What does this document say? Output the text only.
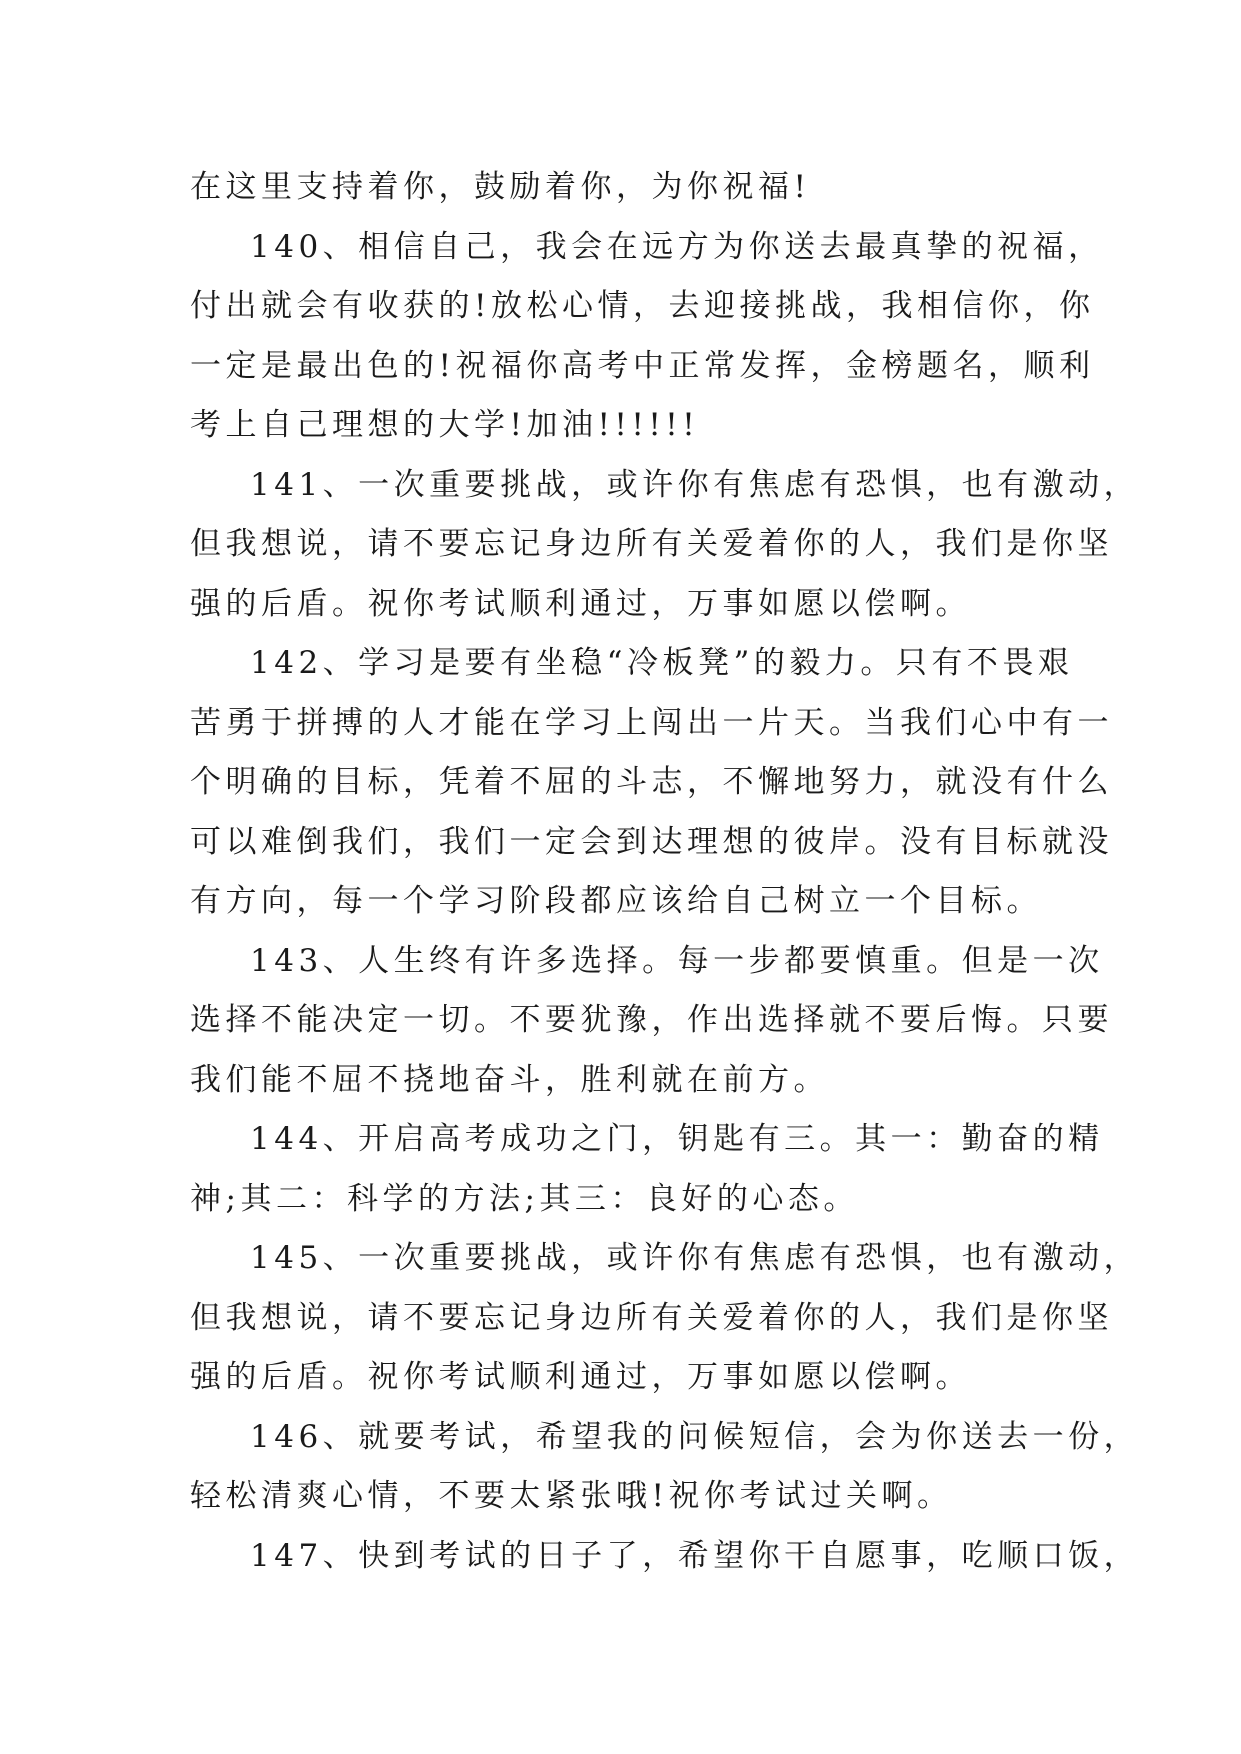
在这里支持着你，鼓励着你，为你祝福!
140、相信自己，我会在远方为你送去最真挚的祝福，
付出就会有收获的!放松心情，去迎接挑战，我相信你，你
一定是最出色的!祝福你高考中正常发挥，金榜题名，顺利
考上自己理想的大学!加油!!!!!!
141、一次重要挑战，或许你有焦虑有恐惧，也有激动，
但我想说，请不要忘记身边所有关爱着你的人，我们是你坚
强的后盾。祝你考试顺利通过，万事如愿以偿啊。
142、学习是要有坐稳“冷板凳”的毅力。只有不畏艰
苦勇于拼搏的人才能在学习上闯出一片天。当我们心中有一
个明确的目标，凭着不屈的斗志，不懈地努力，就没有什么
可以难倒我们，我们一定会到达理想的彼岸。没有目标就没
有方向，每一个学习阶段都应该给自己树立一个目标。
143、人生终有许多选择。每一步都要慎重。但是一次
选择不能决定一切。不要犹豫，作出选择就不要后悔。只要
我们能不屈不挠地奋斗，胜利就在前方。
144、开启高考成功之门，钥匙有三。其一：勤奋的精
神;其二：科学的方法;其三：良好的心态。
145、一次重要挑战，或许你有焦虑有恐惧，也有激动，
但我想说，请不要忘记身边所有关爱着你的人，我们是你坚
强的后盾。祝你考试顺利通过，万事如愿以偿啊。
146、就要考试，希望我的问候短信，会为你送去一份，
轻松清爽心情，不要太紧张哦!祝你考试过关啊。
147、快到考试的日子了，希望你干自愿事，吃顺口饭，
